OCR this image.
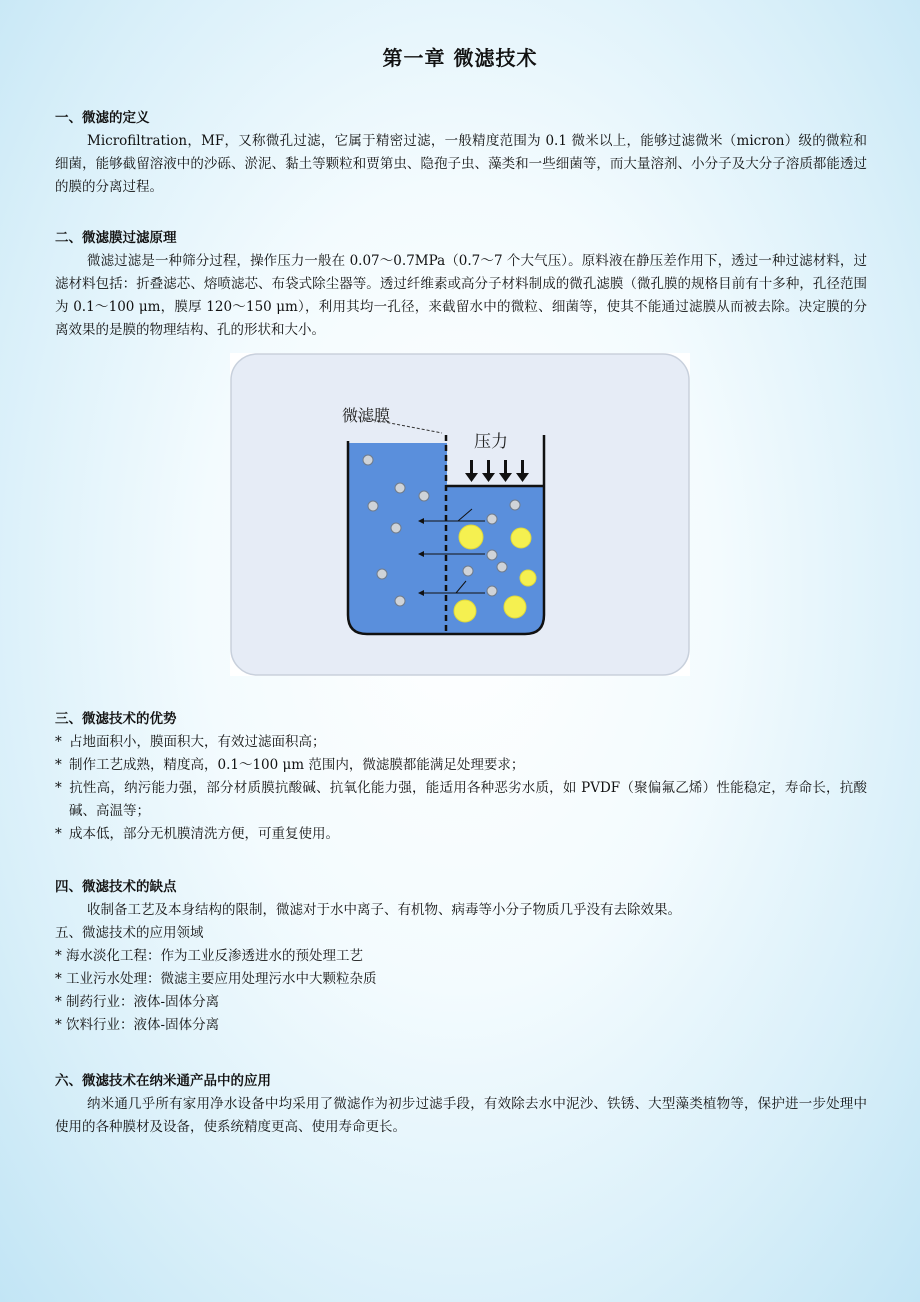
第一章 微滤技术
一、微滤的定义
Microfiltration，MF，又称微孔过滤，它属于精密过滤，一般精度范围为 0.1 微米以上，能够过滤微米（micron）级的微粒和细菌，能够截留溶液中的沙砾、淤泥、黏土等颗粒和贾第虫、隐孢子虫、藻类和一些细菌等，而大量溶剂、小分子及大分子溶质都能透过的膜的分离过程。
二、微滤膜过滤原理
微滤过滤是一种筛分过程，操作压力一般在 0.07～0.7MPa（0.7～7 个大气压）。原料液在静压差作用下，透过一种过滤材料，过滤材料包括：折叠滤芯、熔喷滤芯、布袋式除尘器等。透过纤维素或高分子材料制成的微孔滤膜（微孔膜的规格目前有十多种，孔径范围为 0.1～100 μm，膜厚 120～150 μm），利用其均一孔径，来截留水中的微粒、细菌等，使其不能通过滤膜从而被去除。决定膜的分离效果的是膜的物理结构、孔的形状和大小。
微滤膜
压力
三、微滤技术的优势
* 占地面积小，膜面积大，有效过滤面积高；
* 制作工艺成熟，精度高，0.1～100 μm 范围内，微滤膜都能满足处理要求；
* 抗性高，纳污能力强，部分材质膜抗酸碱、抗氧化能力强，能适用各种恶劣水质，如 PVDF（聚偏氟乙烯）性能稳定，寿命长，抗酸碱、高温等；
* 成本低，部分无机膜清洗方便，可重复使用。
四、微滤技术的缺点
收制备工艺及本身结构的限制，微滤对于水中离子、有机物、病毒等小分子物质几乎没有去除效果。
五、微滤技术的应用领域
* 海水淡化工程：作为工业反渗透进水的预处理工艺
* 工业污水处理：微滤主要应用处理污水中大颗粒杂质
* 制药行业：液体-固体分离
* 饮料行业：液体-固体分离
六、微滤技术在纳米通产品中的应用
纳米通几乎所有家用净水设备中均采用了微滤作为初步过滤手段，有效除去水中泥沙、铁锈、大型藻类植物等，保护进一步处理中使用的各种膜材及设备，使系统精度更高、使用寿命更长。
